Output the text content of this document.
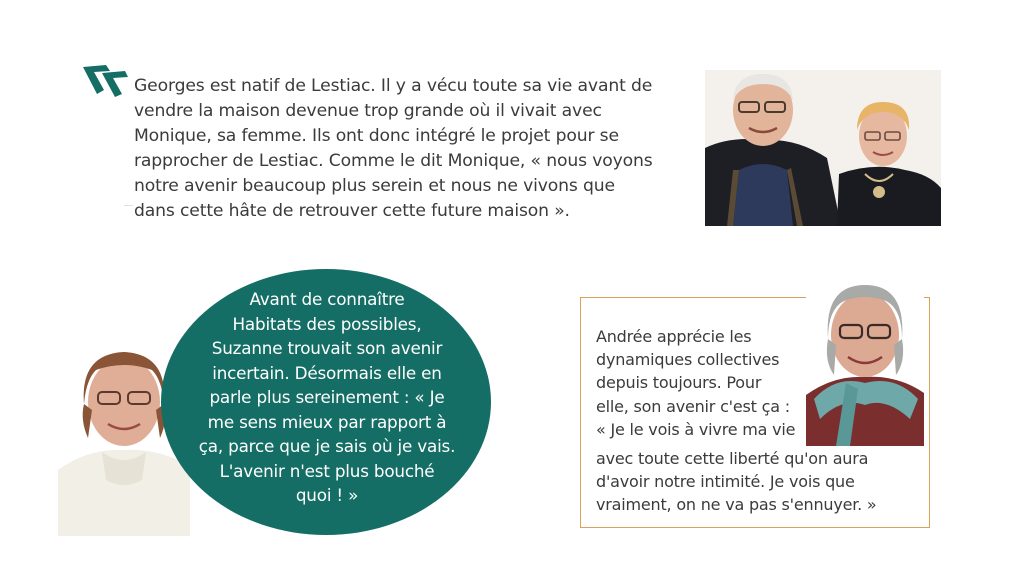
Georges est natif de Lestiac. Il y a vécu toute sa vie avant de
vendre la maison devenue trop grande où il vivait avec
Monique, sa femme. Ils ont donc intégré le projet pour se
rapprocher de Lestiac. Comme le dit Monique, « nous voyons
notre avenir beaucoup plus serein et nous ne vivons que
dans cette hâte de retrouver cette future maison ».

Avant de connaître
Habitats des possibles,
Suzanne trouvait son avenir
incertain. Désormais elle en
parle plus sereinement : « Je
me sens mieux par rapport à
ça, parce que je sais où je vais.
L'avenir n'est plus bouché
quoi ! »

Andrée apprécie les
dynamiques collectives
depuis toujours. Pour
elle, son avenir c'est ça :
« Je le vois à vivre ma vie

avec toute cette liberté qu'on aura
d'avoir notre intimité. Je vois que
vraiment, on ne va pas s'ennuyer. »
